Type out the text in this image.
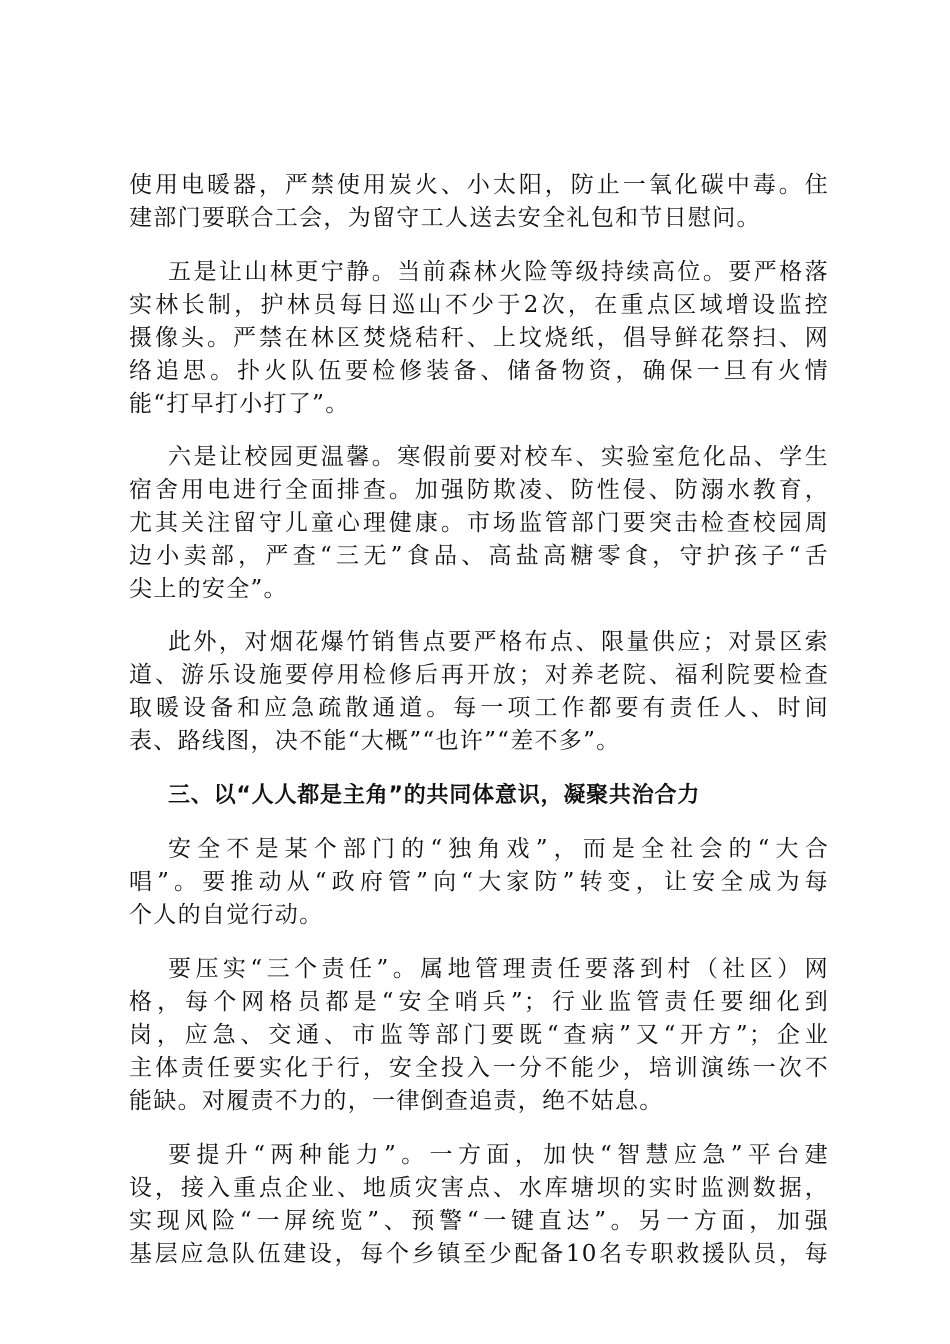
使用电暖器，严禁使用炭火、小太阳，防止一氧化碳中毒。住
建部门要联合工会，为留守工人送去安全礼包和节日慰问。
五是让山林更宁静。当前森林火险等级持续高位。要严格落
实林长制，护林员每日巡山不少于2次，在重点区域增设监控
摄像头。严禁在林区焚烧秸秆、上坟烧纸，倡导鲜花祭扫、网
络追思。扑火队伍要检修装备、储备物资，确保一旦有火情
能“打早打小打了”。
六是让校园更温馨。寒假前要对校车、实验室危化品、学生
宿舍用电进行全面排查。加强防欺凌、防性侵、防溺水教育，
尤其关注留守儿童心理健康。市场监管部门要突击检查校园周
边小卖部，严查“三无”食品、高盐高糖零食，守护孩子“舌
尖上的安全”。
此外，对烟花爆竹销售点要严格布点、限量供应；对景区索
道、游乐设施要停用检修后再开放；对养老院、福利院要检查
取暖设备和应急疏散通道。每一项工作都要有责任人、时间
表、路线图，决不能“大概”“也许”“差不多”。
三、以“人人都是主角”的共同体意识，凝聚共治合力
安全不是某个部门的“独角戏”，而是全社会的“大合
唱”。要推动从“政府管”向“大家防”转变，让安全成为每
个人的自觉行动。
要压实“三个责任”。属地管理责任要落到村（社区）网
格，每个网格员都是“安全哨兵”；行业监管责任要细化到
岗，应急、交通、市监等部门要既“查病”又“开方”；企业
主体责任要实化于行，安全投入一分不能少，培训演练一次不
能缺。对履责不力的，一律倒查追责，绝不姑息。
要提升“两种能力”。一方面，加快“智慧应急”平台建
设，接入重点企业、地质灾害点、水库塘坝的实时监测数据，
实现风险“一屏统览”、预警“一键直达”。另一方面，加强
基层应急队伍建设，每个乡镇至少配备10名专职救援队员，每
